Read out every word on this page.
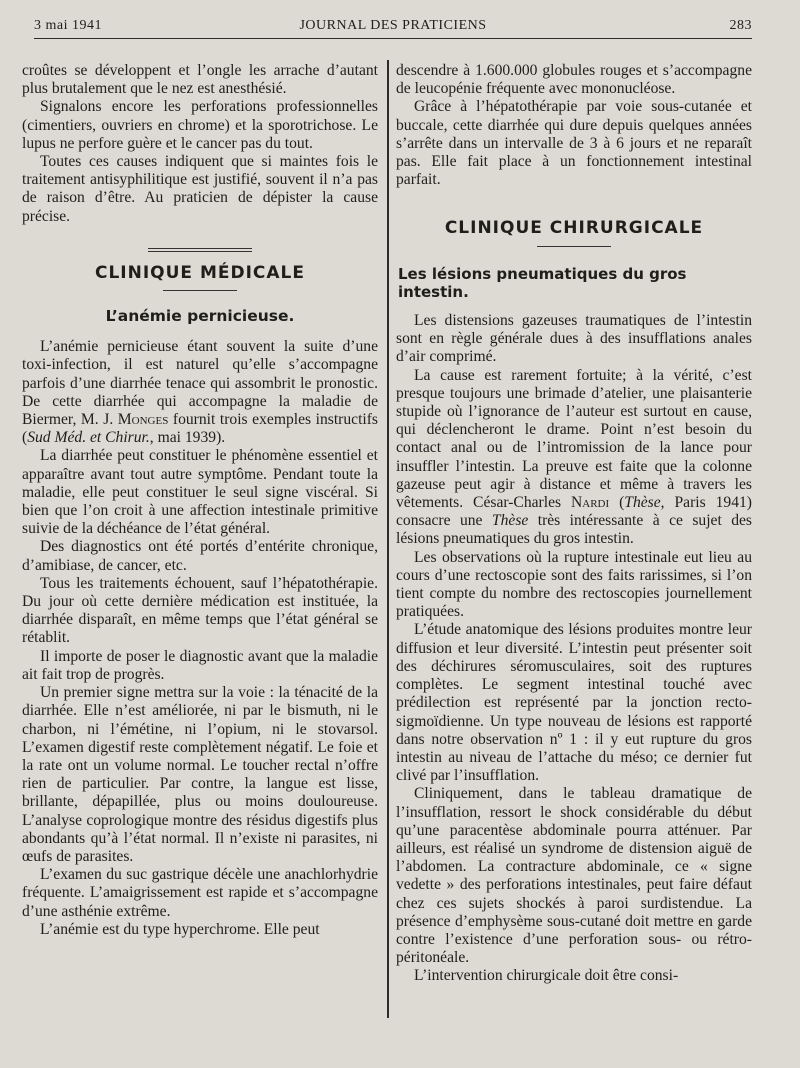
3 mai 1941	JOURNAL DES PRATICIENS	283

croûtes se développent et l’ongle les arrache d’autant plus brutalement que le nez est anesthésié.

Signalons encore les perforations professionnelles (cimentiers, ouvriers en chrome) et la sporotrichose. Le lupus ne perfore guère et le cancer pas du tout.

Toutes ces causes indiquent que si maintes fois le traitement antisyphilitique est justifié, souvent il n’a pas de raison d’être. Au praticien de dépister la cause précise.

CLINIQUE MÉDICALE
L’anémie pernicieuse.

L’anémie pernicieuse étant souvent la suite d’une toxi-infection, il est naturel qu’elle s’accompagne parfois d’une diarrhée tenace qui assombrit le pronostic. De cette diarrhée qui accompagne la maladie de Biermer, M. J. Monges fournit trois exemples instructifs (Sud Méd. et Chirur., mai 1939).

La diarrhée peut constituer le phénomène essentiel et apparaître avant tout autre symptôme. Pendant toute la maladie, elle peut constituer le seul signe viscéral. Si bien que l’on croit à une affection intestinale primitive suivie de la déchéance de l’état général.

Des diagnostics ont été portés d’entérite chronique, d’amibiase, de cancer, etc.

Tous les traitements échouent, sauf l’hépatothérapie. Du jour où cette dernière médication est instituée, la diarrhée disparaît, en même temps que l’état général se rétablit.

Il importe de poser le diagnostic avant que la maladie ait fait trop de progrès.

Un premier signe mettra sur la voie : la ténacité de la diarrhée. Elle n’est améliorée, ni par le bismuth, ni le charbon, ni l’émétine, ni l’opium, ni le stovarsol. L’examen digestif reste complètement négatif. Le foie et la rate ont un volume normal. Le toucher rectal n’offre rien de particulier. Par contre, la langue est lisse, brillante, dépapillée, plus ou moins douloureuse. L’analyse coprologique montre des résidus digestifs plus abondants qu’à l’état normal. Il n’existe ni parasites, ni œufs de parasites.

L’examen du suc gastrique décèle une anachlorhydrie fréquente. L’amaigrissement est rapide et s’accompagne d’une asthénie extrême.

L’anémie est du type hyperchrome. Elle peut

descendre à 1.600.000 globules rouges et s’accompagne de leucopénie fréquente avec mononucléose.

Grâce à l’hépatothérapie par voie sous-cutanée et buccale, cette diarrhée qui dure depuis quelques années s’arrête dans un intervalle de 3 à 6 jours et ne reparaît pas. Elle fait place à un fonctionnement intestinal parfait.

CLINIQUE CHIRURGICALE
Les lésions pneumatiques du gros intestin.

Les distensions gazeuses traumatiques de l’intestin sont en règle générale dues à des insufflations anales d’air comprimé.

La cause est rarement fortuite; à la vérité, c’est presque toujours une brimade d’atelier, une plaisanterie stupide où l’ignorance de l’auteur est surtout en cause, qui déclencheront le drame. Point n’est besoin du contact anal ou de l’intromission de la lance pour insuffler l’intestin. La preuve est faite que la colonne gazeuse peut agir à distance et même à travers les vêtements. César-Charles Nardi (Thèse, Paris 1941) consacre une Thèse très intéressante à ce sujet des lésions pneumatiques du gros intestin.

Les observations où la rupture intestinale eut lieu au cours d’une rectoscopie sont des faits rarissimes, si l’on tient compte du nombre des rectoscopies journellement pratiquées.

L’étude anatomique des lésions produites montre leur diffusion et leur diversité. L’intestin peut présenter soit des déchirures séromusculaires, soit des ruptures complètes. Le segment intestinal touché avec prédilection est représenté par la jonction recto-sigmoïdienne. Un type nouveau de lésions est rapporté dans notre observation nº 1 : il y eut rupture du gros intestin au niveau de l’attache du méso; ce dernier fut clivé par l’insufflation.

Cliniquement, dans le tableau dramatique de l’insufflation, ressort le shock considérable du début qu’une paracentèse abdominale pourra atténuer. Par ailleurs, est réalisé un syndrome de distension aiguë de l’abdomen. La contracture abdominale, ce « signe vedette » des perforations intestinales, peut faire défaut chez ces sujets shockés à paroi surdistendue. La présence d’emphysème sous-cutané doit mettre en garde contre l’existence d’une perforation sous- ou rétro-péritonéale.

L’intervention chirurgicale doit être consi-
